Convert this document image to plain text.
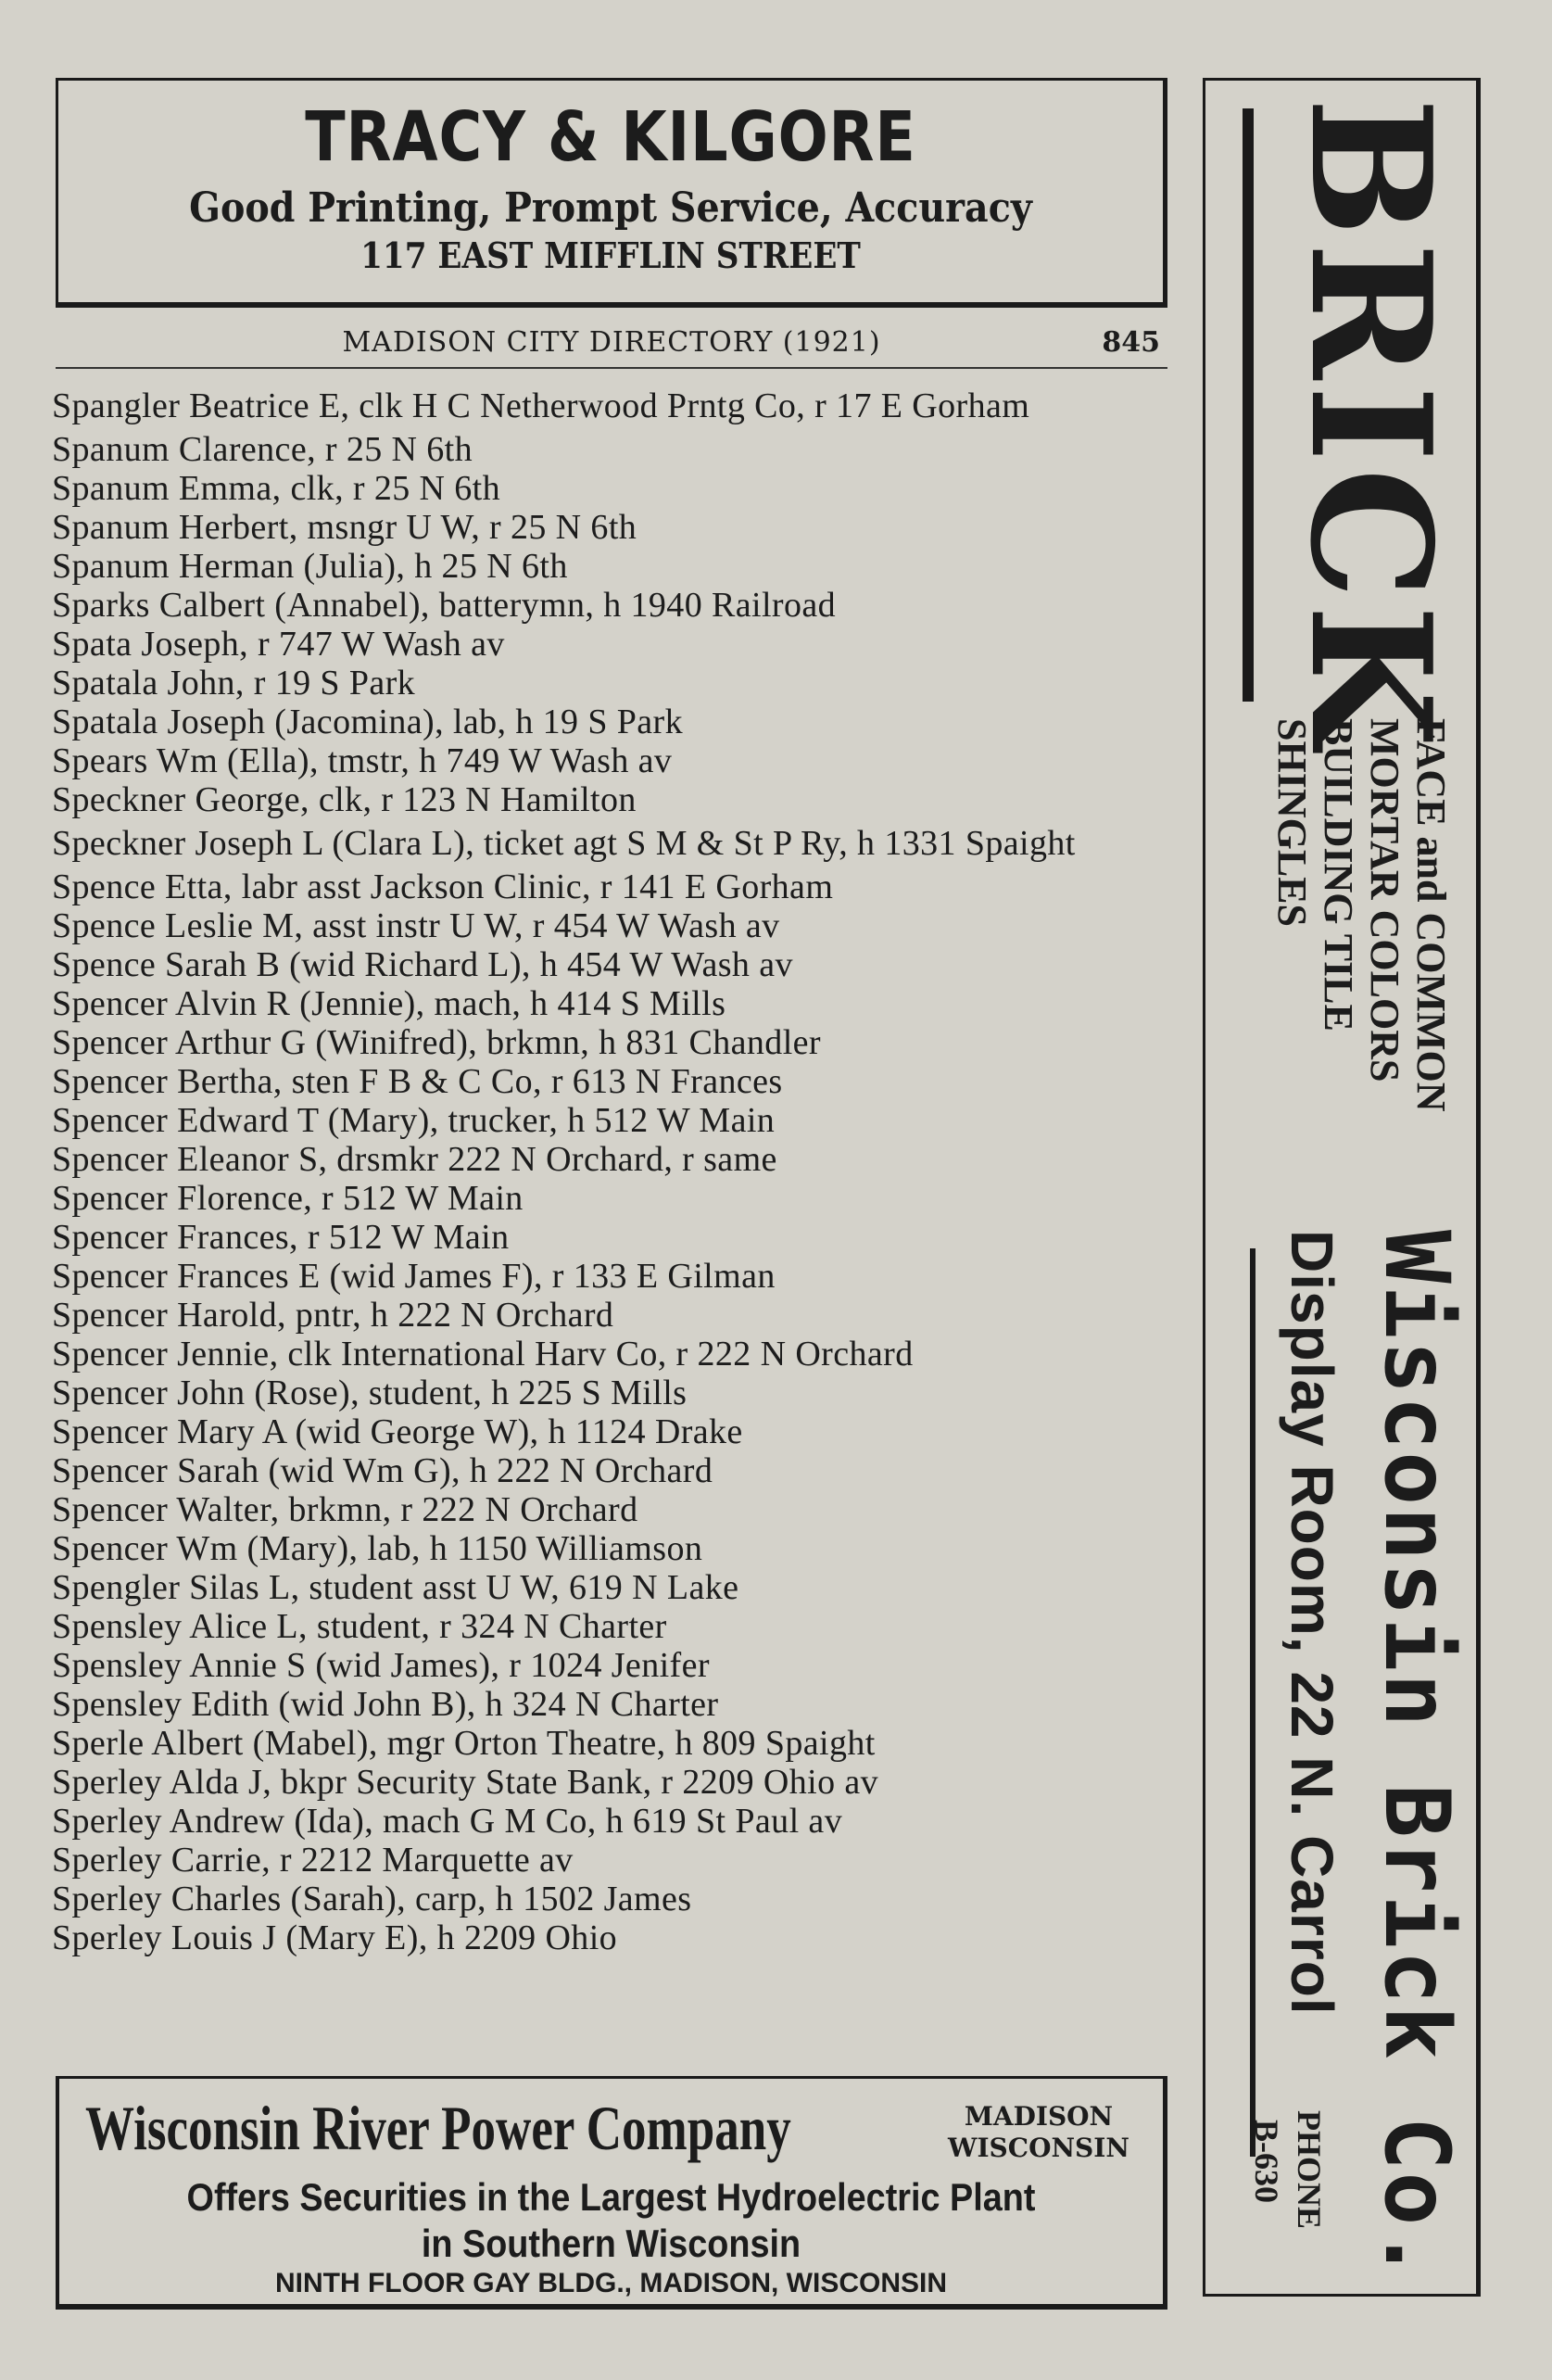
TRACY & KILGORE
Good Printing, Prompt Service, Accuracy
117 EAST MIFFLIN STREET
MADISON CITY DIRECTORY (1921)	845
Spangler Beatrice E, clk H C Netherwood Prntg Co, r 17 E Gorham
Spanum Clarence, r 25 N 6th
Spanum Emma, clk, r 25 N 6th
Spanum Herbert, msngr U W, r 25 N 6th
Spanum Herman (Julia), h 25 N 6th
Sparks Calbert (Annabel), batterymn, h 1940 Railroad
Spata Joseph, r 747 W Wash av
Spatala John, r 19 S Park
Spatala Joseph (Jacomina), lab, h 19 S Park
Spears Wm (Ella), tmstr, h 749 W Wash av
Speckner George, clk, r 123 N Hamilton
Speckner Joseph L (Clara L), ticket agt S M & St P Ry, h 1331 Spaight
Spence Etta, labr asst Jackson Clinic, r 141 E Gorham
Spence Leslie M, asst instr U W, r 454 W Wash av
Spence Sarah B (wid Richard L), h 454 W Wash av
Spencer Alvin R (Jennie), mach, h 414 S Mills
Spencer Arthur G (Winifred), brkmn, h 831 Chandler
Spencer Bertha, sten F B & C Co, r 613 N Frances
Spencer Edward T (Mary), trucker, h 512 W Main
Spencer Eleanor S, drsmkr 222 N Orchard, r same
Spencer Florence, r 512 W Main
Spencer Frances, r 512 W Main
Spencer Frances E (wid James F), r 133 E Gilman
Spencer Harold, pntr, h 222 N Orchard
Spencer Jennie, clk International Harv Co, r 222 N Orchard
Spencer John (Rose), student, h 225 S Mills
Spencer Mary A (wid George W), h 1124 Drake
Spencer Sarah (wid Wm G), h 222 N Orchard
Spencer Walter, brkmn, r 222 N Orchard
Spencer Wm (Mary), lab, h 1150 Williamson
Spengler Silas L, student asst U W, 619 N Lake
Spensley Alice L, student, r 324 N Charter
Spensley Annie S (wid James), r 1024 Jenifer
Spensley Edith (wid John B), h 324 N Charter
Sperle Albert (Mabel), mgr Orton Theatre, h 809 Spaight
Sperley Alda J, bkpr Security State Bank, r 2209 Ohio av
Sperley Andrew (Ida), mach G M Co, h 619 St Paul av
Sperley Carrie, r 2212 Marquette av
Sperley Charles (Sarah), carp, h 1502 James
Sperley Louis J (Mary E), h 2209 Ohio
Wisconsin River Power Company	MADISON
WISCONSIN
Offers Securities in the Largest Hydroelectric Plant
in Southern Wisconsin
NINTH FLOOR GAY BLDG., MADISON, WISCONSIN
BRICK
FACE and COMMON
MORTAR COLORS
BUILDING TILE
SHINGLES
Wisconsin Brick Co.
Display Room, 22 N. Carrol
PHONE
B-630
